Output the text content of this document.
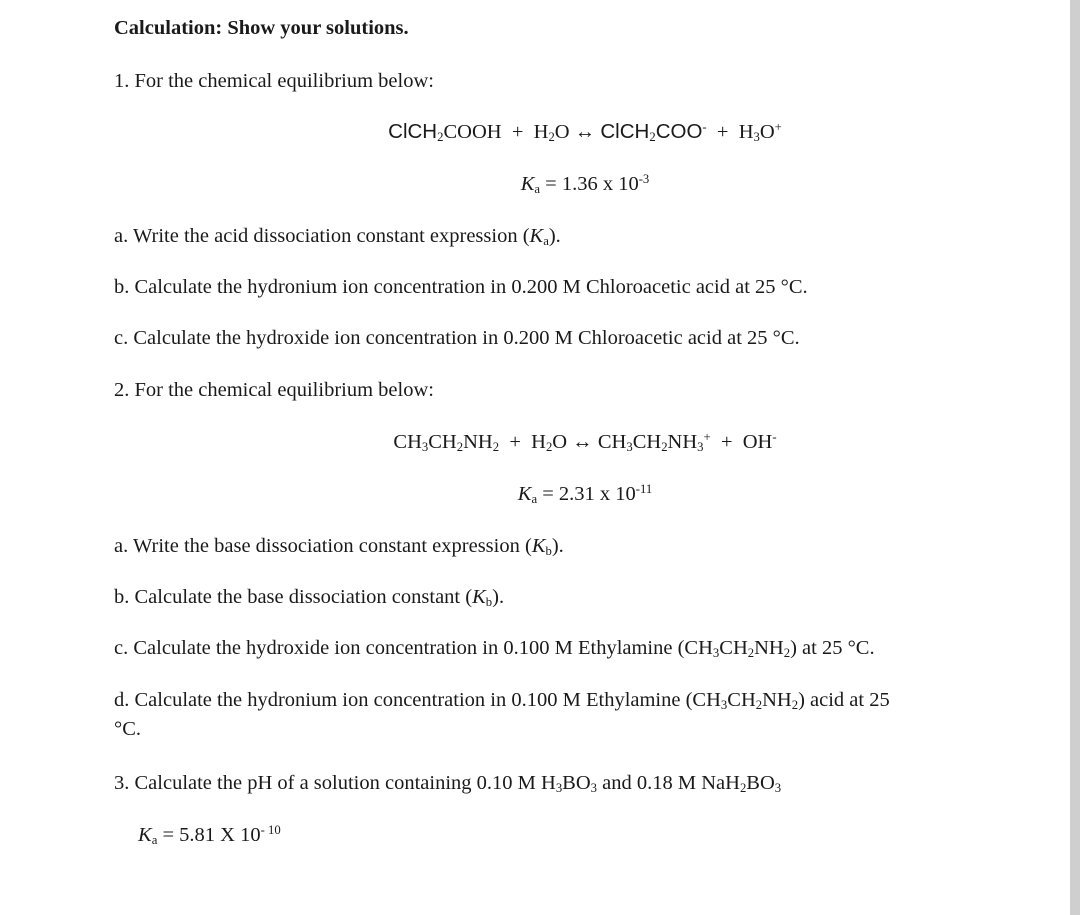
Calculation: Show your solutions.
1. For the chemical equilibrium below:
ClCH$_2$COOH + $H_2O$ ↔ ClCH$_2$COO- + $H_3O^+$
$K_a = 1.36$ x $10^{-3}$
a. Write the acid dissociation constant expression $(K_a)$.
b. Calculate the hydronium ion concentration in 0.200 M Chloroacetic acid at 25 °C.
c. Calculate the hydroxide ion concentration in 0.200 M Chloroacetic acid at 25 °C.
2. For the chemical equilibrium below:
$CH_3CH_2NH_2 + H_2O$ ↔ $CH_3CH_2NH_3^+ + OH^-$
$K_a = 2.31$ x $10^{-11}$
a. Write the base dissociation constant expression $(K_b)$.
b. Calculate the base dissociation constant $(K_b)$.
c. Calculate the hydroxide ion concentration in 0.100 M Ethylamine $(CH_3CH_2NH_2)$ at 25 °C.
d. Calculate the hydronium ion concentration in 0.100 M Ethylamine $(CH_3CH_2NH_2)$ acid at 25
°C.
3. Calculate the pH of a solution containing 0.10 M $H_3BO_3$ and 0.18 M $NaH_2BO_3$
$K_a = 5.81$ X $10^{- 10}$
